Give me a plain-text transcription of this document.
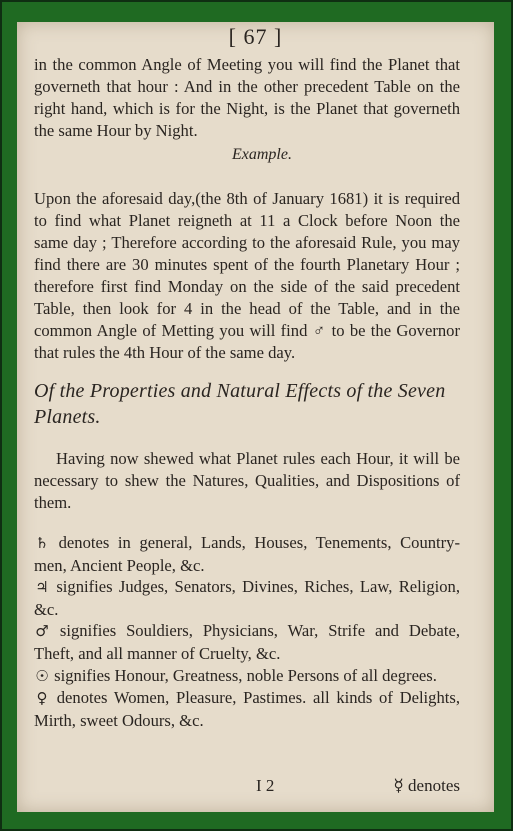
[ 67 ]

in the common Angle of Meeting you will find the Planet that governeth that hour : And in the other precedent Table on the right hand, which is for the Night, is the Planet that governeth the same Hour by Night.

Example.

Upon the aforesaid day,(the 8th of January 1681) it is required to find what Planet reigneth at 11 a Clock before Noon the same day ; Therefore according to the aforesaid Rule, you may find there are 30 minutes spent of the fourth Planetary Hour ; therefore first find Monday on the side of the said precedent Table, then look for 4 in the head of the Table, and in the common Angle of Metting you will find ♂ to be the Governor that rules the 4th Hour of the same day.

Of the Properties and Natural Effects of the Seven Planets.

Having now shewed what Planet rules each Hour, it will be necessary to shew the Natures, Qualities, and Dispositions of them.

♄ denotes in general, Lands, Houses, Tenements, Country-men, Ancient People, &c.

♃ signifies Judges, Senators, Divines, Riches, Law, Religion, &c.

♂ signifies Souldiers, Physicians, War, Strife and Debate, Theft, and all manner of Cruelty, &c.

☉ signifies Honour, Greatness, noble Persons of all degrees.

♀ denotes Women, Pleasure, Pastimes. all kinds of Delights, Mirth, sweet Odours, &c.

I 2	☿ denotes
